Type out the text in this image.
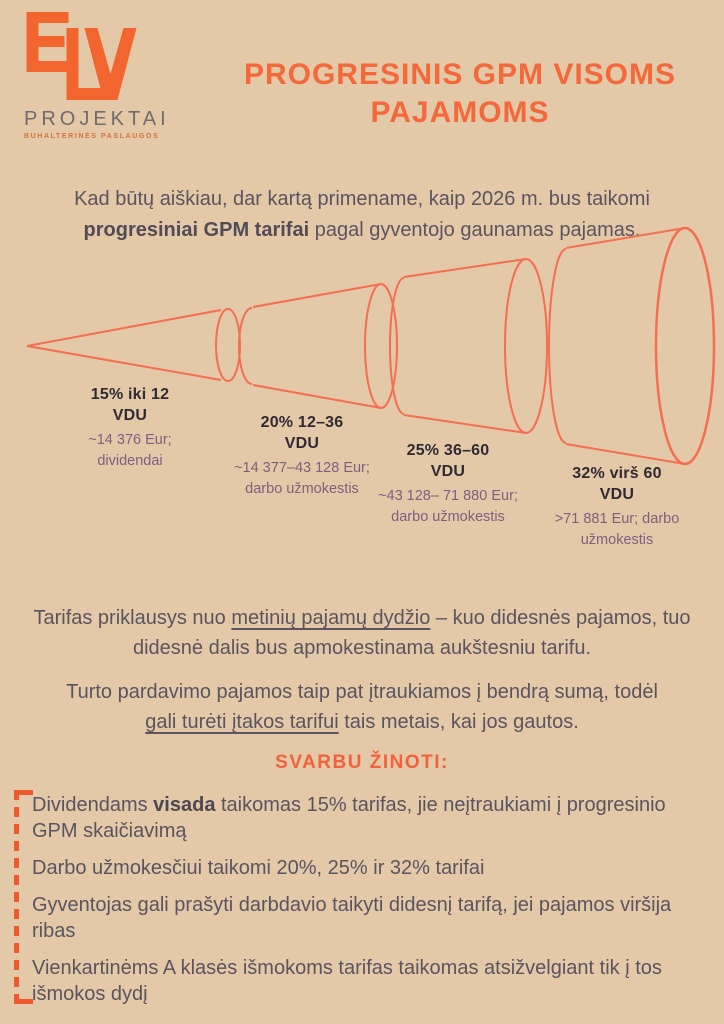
PROJEKTAI
BUHALTERINĖS PASLAUGOS
PROGRESINIS GPM VISOMS
PAJAMOMS

Kad būtų aiškiau, dar kartą primename, kaip 2026 m. bus taikomi progresiniai GPM tarifai pagal gyventojo gaunamas pajamas.

15% iki 12
VDU
~14 376 Eur;
dividendai
20% 12–36
VDU
~14 377–43 128 Eur;
darbo užmokestis
25% 36–60
VDU
~43 128– 71 880 Eur;
darbo užmokestis
32% virš 60
VDU
>71 881 Eur; darbo
užmokestis

Tarifas priklausys nuo metinių pajamų dydžio – kuo didesnės pajamos, tuo didesnė dalis bus apmokestinama aukštesniu tarifu.

Turto pardavimo pajamos taip pat įtraukiamos į bendrą sumą, todėl gali turėti įtakos tarifui tais metais, kai jos gautos.

SVARBU ŽINOTI:
Dividendams visada taikomas 15% tarifas, jie neįtraukiami į progresinio GPM skaičiavimą
Darbo užmokesčiui taikomi 20%, 25% ir 32% tarifai
Gyventojas gali prašyti darbdavio taikyti didesnį tarifą, jei pajamos viršija ribas
Vienkartinėms A klasės išmokoms tarifas taikomas atsižvelgiant tik į tos išmokos dydį
